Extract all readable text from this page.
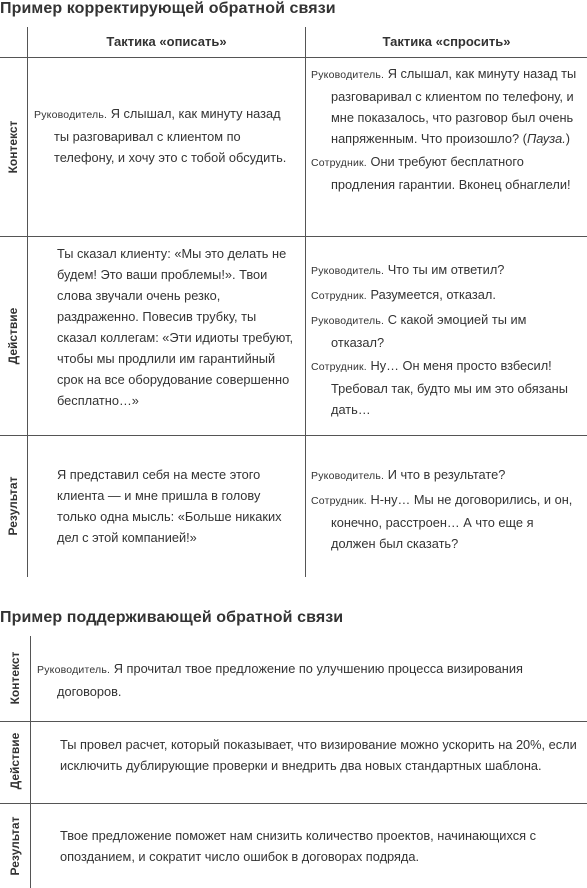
Пример корректирующей обратной связи
Тактика «описать»	Тактика «спросить»
Контекст
Действие
Результат

Руководитель. Я слышал, как минуту назад ты разговаривал с клиентом по телефону, и хочу это с тобой обсудить.

Руководитель. Я слышал, как минуту назад ты разговаривал с клиентом по телефону, и мне показалось, что разговор был очень напряженным. Что произошло? (Пауза.)

Сотрудник. Они требуют бесплатного продления гарантии. Вконец обнаглели!

Ты сказал клиенту: «Мы это делать не будем! Это ваши проблемы!». Твои слова звучали очень резко, раздраженно. Повесив трубку, ты сказал коллегам: «Эти идиоты требуют, чтобы мы продлили им гарантийный срок на все оборудование совершенно бесплатно…»

Руководитель. Что ты им ответил?

Сотрудник. Разумеется, отказал.

Руководитель. С какой эмоцией ты им отказал?

Сотрудник. Ну… Он меня просто взбесил! Требовал так, будто мы им это обязаны дать…

Я представил себя на месте этого клиента — и мне пришла в голову только одна мысль: «Больше никаких дел с этой компанией!»

Руководитель. И что в результате?

Сотрудник. Н-ну… Мы не договорились, и он, конечно, расстроен… А что еще я должен был сказать?

Пример поддерживающей обратной связи
Контекст
Действие
Результат

Руководитель. Я прочитал твое предложение по улучшению процесса визирования договоров.

Ты провел расчет, который показывает, что визирование можно ускорить на 20%, если исключить дублирующие проверки и внедрить два новых стандартных шаблона.

Твое предложение поможет нам снизить количество проектов, начинающихся с опозданием, и сократит число ошибок в договорах подряда.
